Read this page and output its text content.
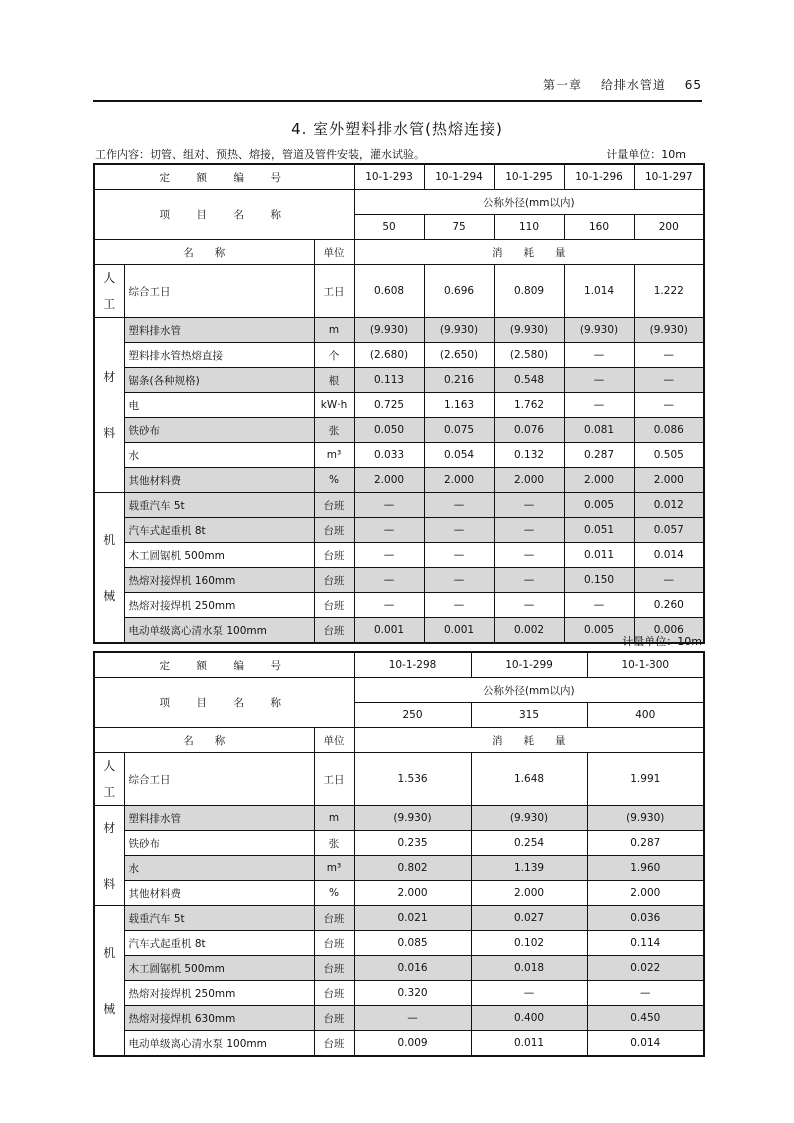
第一章 给排水管道 65
4. 室外塑料排水管(热熔连接)
工作内容：切管、组对、预热、熔接，管道及管件安装，灌水试验。	计量单位：10m
定　额　编　号			10-1-293	10-1-294	10-1-295	10-1-296	10-1-297
项　目　名　称			公称外径(mm以内)				
			50	75	110	160	200
名　　称		单位	消　　耗　　量				

人
工	综合工日	工日	0.608	0.696	0.809	1.014	1.222

材
料	塑料排水管	m	(9.930)	(9.930)	(9.930)	(9.930)	(9.930)
	塑料排水管热熔直接	个	(2.680)	(2.650)	(2.580)	—	—
	锯条(各种规格)	根	0.113	0.216	0.548	—	—
	电	kW·h	0.725	1.163	1.762	—	—
	铁砂布	张	0.050	0.075	0.076	0.081	0.086
	水	m³	0.033	0.054	0.132	0.287	0.505
	其他材料费	%	2.000	2.000	2.000	2.000	2.000

机
械	载重汽车 5t	台班	—	—	—	0.005	0.012
	汽车式起重机 8t	台班	—	—	—	0.051	0.057
	木工圆锯机 500mm	台班	—	—	—	0.011	0.014
	热熔对接焊机 160mm	台班	—	—	—	0.150	—
	热熔对接焊机 250mm	台班	—	—	—	—	0.260
	电动单级离心清水泵 100mm	台班	0.001	0.001	0.002	0.005	0.006
计量单位：10m
定　额　编　号			10-1-298	10-1-299	10-1-300
项　目　名　称			公称外径(mm以内)		
			250	315	400
名　　称		单位	消　　耗　　量		

人
工	综合工日	工日	1.536	1.648	1.991

材
料	塑料排水管	m	(9.930)	(9.930)	(9.930)
	铁砂布	张	0.235	0.254	0.287
	水	m³	0.802	1.139	1.960
	其他材料费	%	2.000	2.000	2.000

机
械	载重汽车 5t	台班	0.021	0.027	0.036
	汽车式起重机 8t	台班	0.085	0.102	0.114
	木工圆锯机 500mm	台班	0.016	0.018	0.022
	热熔对接焊机 250mm	台班	0.320	—	—
	热熔对接焊机 630mm	台班	—	0.400	0.450
	电动单级离心清水泵 100mm	台班	0.009	0.011	0.014
